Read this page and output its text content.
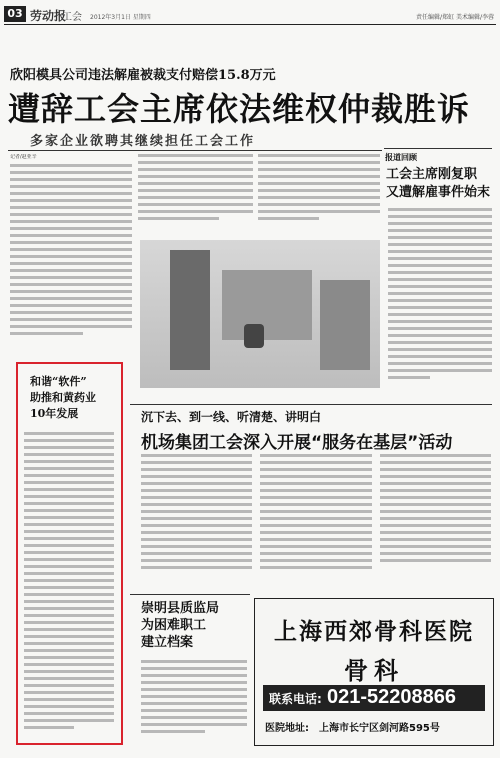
03 劳动报
工会 2012年3月1日 星期四	责任编辑/郑虹 美术编辑/李蓉
欣阳模具公司违法解雇被裁支付赔偿15.8万元
遭辞工会主席依法维权仲裁胜诉
多家企业欲聘其继续担任工会工作
记者/赵亚辛	报道回顾
工会主席刚复职
又遭解雇事件始末
和谐“软件”
助推和黄药业
10年发展	沉下去、到一线、听清楚、讲明白
机场集团工会深入开展“服务在基层”活动
崇明县质监局
为困难职工
建立档案	上海西郊骨科医院
骨科
联系电话: 021-52208866
医院地址: 上海市长宁区剑河路595号
